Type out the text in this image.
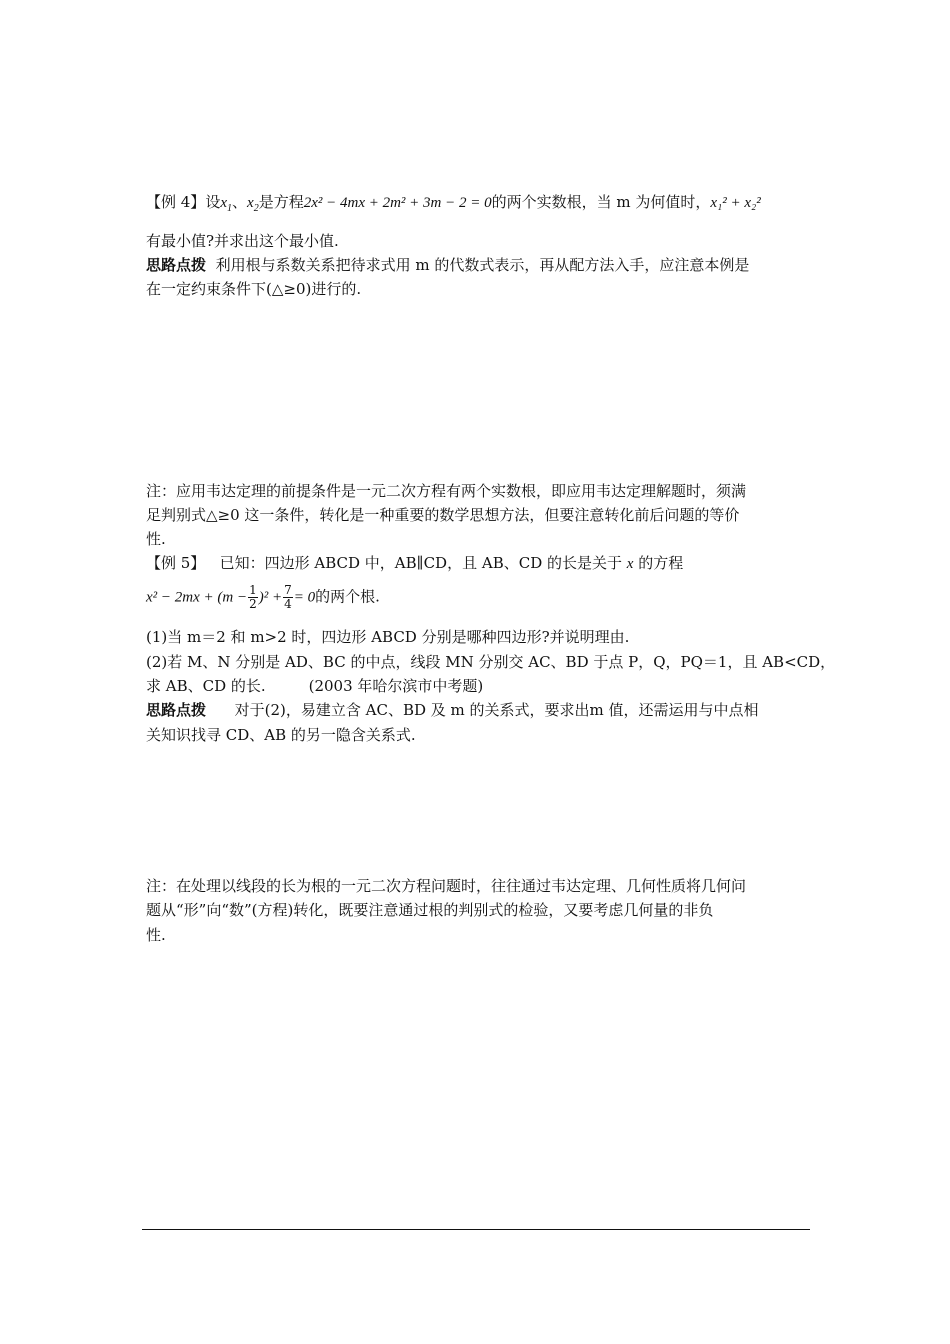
【例 4】设$x_1$、$x_2$是方程2x² − 4mx + 2m² + 3m − 2 = 0的两个实数根，当 m 为何值时，x₁² + x₂²
有最小值?并求出这个最小值.
思路点拨 利用根与系数关系把待求式用 m 的代数式表示，再从配方法入手，应注意本例是
在一定约束条件下(△≥0)进行的.
注：应用韦达定理的前提条件是一元二次方程有两个实数根，即应用韦达定理解题时，须满
足判别式△≥0 这一条件，转化是一种重要的数学思想方法，但要注意转化前后问题的等价
性.
【例 5】 已知：四边形 ABCD 中，AB∥CD，且 AB、CD 的长是关于 x 的方程
$x^2 - 2mx + (m - \frac{1}{2} )^2 + \frac{7}{4} = 0$的两个根.
(1)当 m＝2 和 m>2 时，四边形 ABCD 分别是哪种四边形?并说明理由.
(2)若 M、N 分别是 AD、BC 的中点，线段 MN 分别交 AC、BD 于点 P，Q，PQ＝1，且 AB<CD，
求 AB、CD 的长.	(2003 年哈尔滨市中考题)
思路点拨 对于(2)，易建立含 AC、BD 及 m 的关系式，要求出m 值，还需运用与中点相
关知识找寻 CD、AB 的另一隐含关系式.
注：在处理以线段的长为根的一元二次方程问题时，往往通过韦达定理、几何性质将几何问
题从“形”向“数”(方程)转化，既要注意通过根的判别式的检验，又要考虑几何量的非负
性.
